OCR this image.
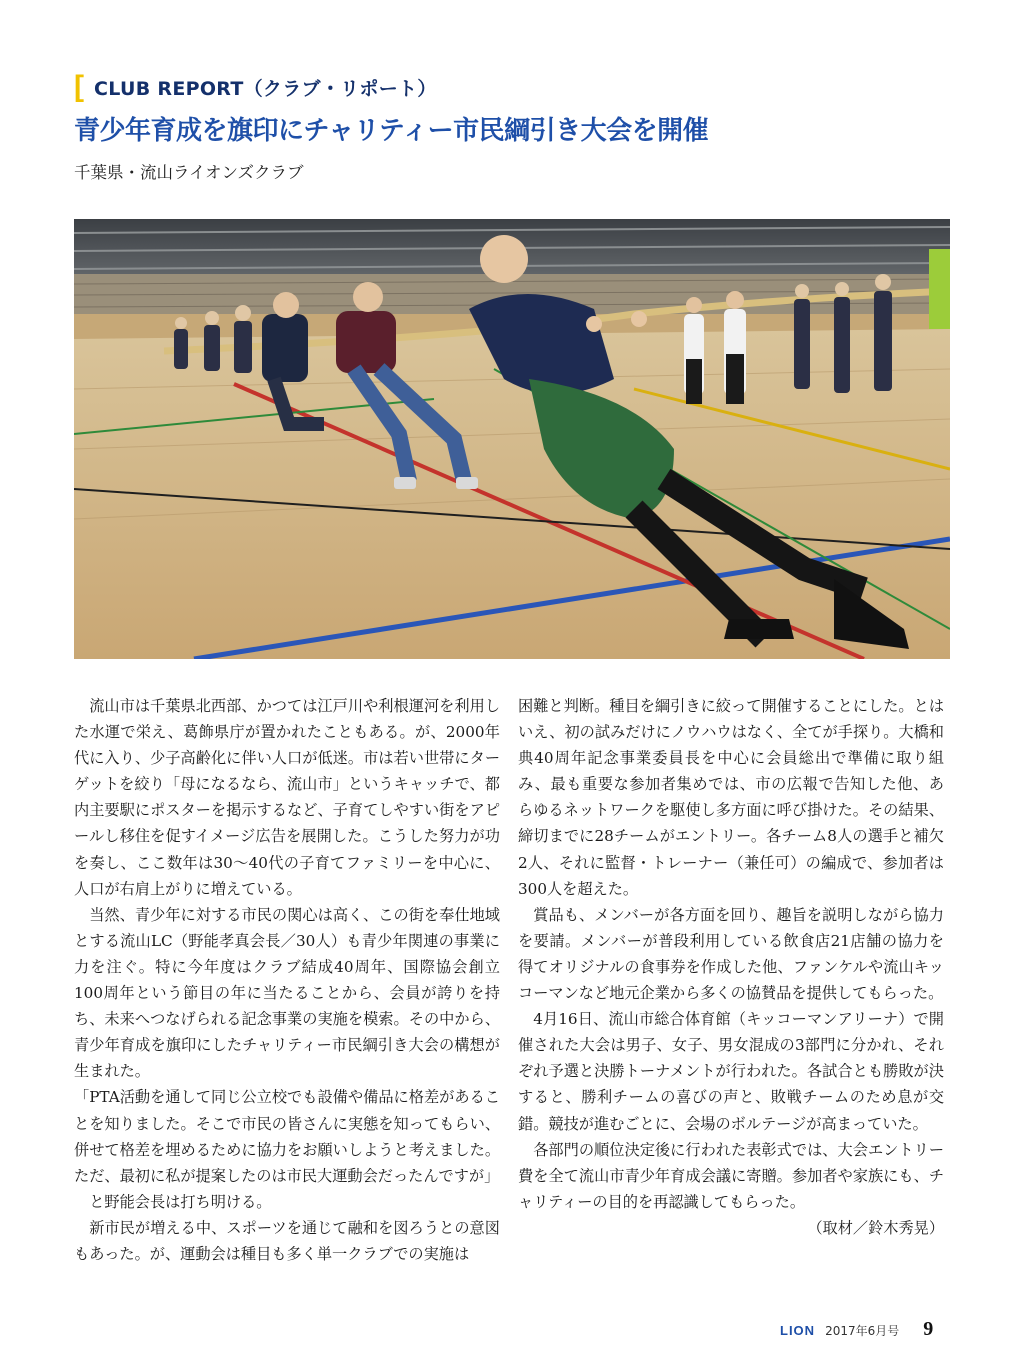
[ CLUB REPORT（クラブ・リポート）
青少年育成を旗印にチャリティー市民綱引き大会を開催
千葉県・流山ライオンズクラブ

流山市は千葉県北西部、かつては江戸川や利根運河を利用した水運で栄え、葛飾県庁が置かれたこともある。が、2000年代に入り、少子高齢化に伴い人口が低迷。市は若い世帯にターゲットを絞り「母になるなら、流山市」というキャッチで、都内主要駅にポスターを掲示するなど、子育てしやすい街をアピールし移住を促すイメージ広告を展開した。こうした努力が功を奏し、ここ数年は30〜40代の子育てファミリーを中心に、人口が右肩上がりに増えている。

当然、青少年に対する市民の関心は高く、この街を奉仕地域とする流山LC（野能孝真会長／30人）も青少年関連の事業に力を注ぐ。特に今年度はクラブ結成40周年、国際協会創立100周年という節目の年に当たることから、会員が誇りを持ち、未来へつなげられる記念事業の実施を模索。その中から、青少年育成を旗印にしたチャリティー市民綱引き大会の構想が生まれた。

「PTA活動を通して同じ公立校でも設備や備品に格差があることを知りました。そこで市民の皆さんに実態を知ってもらい、併せて格差を埋めるために協力をお願いしようと考えました。ただ、最初に私が提案したのは市民大運動会だったんですが」

と野能会長は打ち明ける。

新市民が増える中、スポーツを通じて融和を図ろうとの意図もあった。が、運動会は種目も多く単一クラブでの実施は

困難と判断。種目を綱引きに絞って開催することにした。とはいえ、初の試みだけにノウハウはなく、全てが手探り。大橋和典40周年記念事業委員長を中心に会員総出で準備に取り組み、最も重要な参加者集めでは、市の広報で告知した他、あらゆるネットワークを駆使し多方面に呼び掛けた。その結果、締切までに28チームがエントリー。各チーム8人の選手と補欠2人、それに監督・トレーナー（兼任可）の編成で、参加者は300人を超えた。

賞品も、メンバーが各方面を回り、趣旨を説明しながら協力を要請。メンバーが普段利用している飲食店21店舗の協力を得てオリジナルの食事券を作成した他、ファンケルや流山キッコーマンなど地元企業から多くの協賛品を提供してもらった。

4月16日、流山市総合体育館（キッコーマンアリーナ）で開催された大会は男子、女子、男女混成の3部門に分かれ、それぞれ予選と決勝トーナメントが行われた。各試合とも勝敗が決すると、勝利チームの喜びの声と、敗戦チームのため息が交錯。競技が進むごとに、会場のボルテージが高まっていた。

各部門の順位決定後に行われた表彰式では、大会エントリー費を全て流山市青少年育成会議に寄贈。参加者や家族にも、チャリティーの目的を再認識してもらった。

（取材／鈴木秀晃）

LION 2017年6月号 9
